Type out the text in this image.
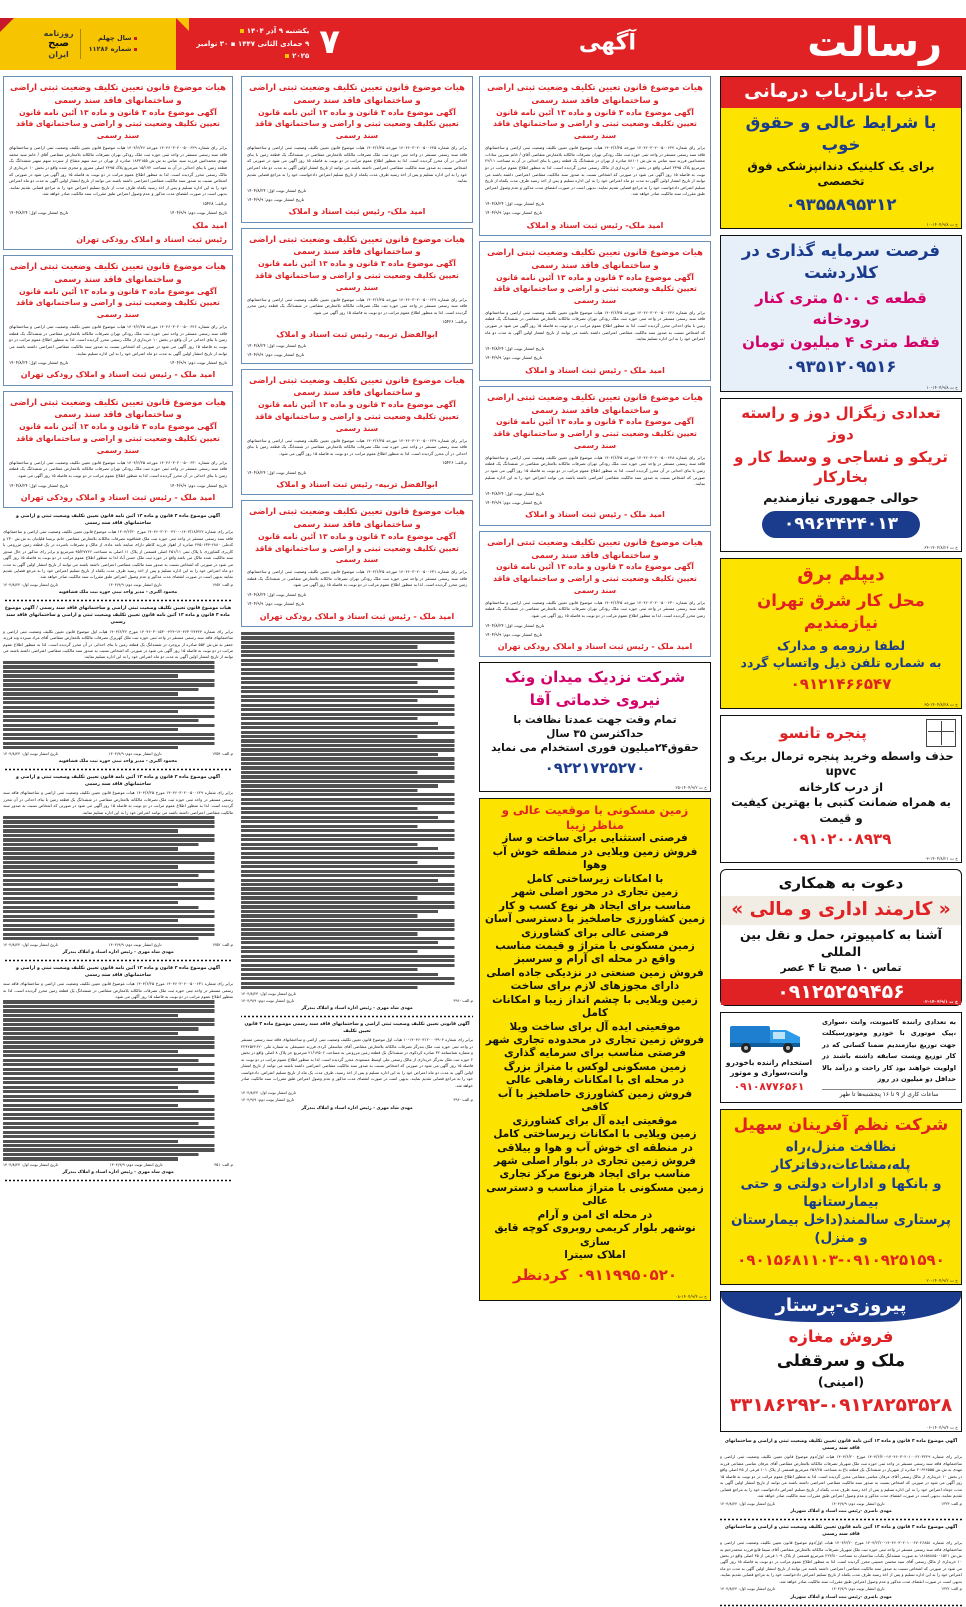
رسالت
آگهی
۷
یکشنبه ۹ آذر ۱۴۰۴
۹ جمادی الثانی ۱۴۴۷ ▪ ۳۰ نوامبر ۲۰۲۵
سال چهلم
شماره ۱۱۲۸۶
روزنامه
صبح
ایران
جذب بازاریاب درمانی
با شرایط عالی و حقوق خوب
برای یک کلینیک دندانپزشکی فوق تخصصی
۰۹۳۵۵۸۹۵۳۱۲
خ ت ۱۴۰۴/۹/۸-۱۰
فرصت سرمایه گذاری در کلاردشت
قطعه ی ۵۰۰ متری کنار رودخانه
فقط متری ۴ میلیون تومان
۰۹۳۵۱۲۰۹۵۱۶
خ ت ۱۴۰۴/۹/۸-۱۰
تعدادی زیگزال دوز و راسته دوز
تریکو و نساجی و وسط کار و بخارکار
حوالی جمهوری نیازمندیم
۰۹۹۶۳۴۲۴۰۱۳
خ ت ۱۴۰۴/۸/۲۶-۶۴
دیپلم برق
محل کار شرق تهران نیازمندیم
لطفا رزومه و مدارک
به شماره تلفن ذیل واتساپ گردد
۰۹۱۲۱۴۶۶۵۴۷
خ ت ۱۴۰۴/۸/۲۸-۶۵
پنجره تانسو
حذف واسطه وخرید پنجره ترمال بریک و upvc
از درب کارخانه
به همراه ضمانت کتبی با بهترین کیفیت و قیمت
۰۹۱۰۲۰۰۸۹۳۹
خ ت ۱۴۰۴/۸/۲۱-۰۳
دعوت به همکاری
« کارمند اداری و مالی »
آشنا به کامپیوتر، حمل و نقل بین المللی
تماس ۱۰ صبح تا ۴ عصر
۰۹۱۲۵۲۵۹۴۵۶	خ ت ۱۴۰۴/۹/۱-۰۲
به تعدادی راننده کامیونت، وانت ،سواری ،پیک موتوری با خودرو وموتورسیکلت جهت توزیع نیازمندیم ضمنا کسانی که در کار توزیع ویست سابقه داشته باشند در اولویت خواهند بود کار راحت و درآمد بالا حداقل دو میلیون در روز
ساعات کاری از ۹ تا ۱۶ پنجشنبه‌ها تا ظهر
استخدام راننده باخودرو وانت،سواری و موتور
۰۹۱۰۸۷۷۶۵۶۱
شرکت نظم آفرینان سهیل
نظافت منزل،راه پله،مشاعات،دفاترکار
و بانکها و ادارات دولتی و حتی بیمارستانها
پرستاری سالمند(داخل بیمارستان و منزل)
۰۹۰۱۵۶۸۱۱۰۳-۰۹۱۰۹۲۵۱۵۹۰
خ ت ۱۴۰۴/۹/۲-۲۰
پیروزی-پرستار
فروش مغازه
ملک و سرقفلی
(امینی)
۳۳۱۸۶۲۹۲-۰۹۱۲۸۲۵۳۵۲۸
خ ت ۱۴۰۴/۹/۴-۰۶
آگهی موضوع ماده ۳ قانون و ماده ۱۳ آئین نامه قانون تعیین تکلیف وضعیت ثبتی و اراضی و ساختمانهای فاقد سند رسمی
برابر رای شماره ۱۴۰۴۶۰۳۰۲۰۱۰۰۶۲۰۳۲۲۹-۱۴۰۴/۶/۲۰ مورخ ۱۴۰۴/۶/۲۰ هیات اول/دوم موضوع قانون تعیین تکلیف وضعیت ثبتی اراضی و ساختمانهای فاقد سند رسمی مستقر در واحد ثبتی حوزه ثبت ملک شهریار تصرفات مالکانه بلامعارض متقاضی آقای عرفان عباسی مشاعی فرزند مهدی به ش.ش ۲۰۶۴۶۵۵۵ صادره از شهریار در ششدانگ یک قطعه باغ به مساحت ۶۵۶/۶۵ مترمربع قسمتی از پلاک ۱۰۱ فرعی از ۴۵ اصلی واقع در بخش ۱۰ خریداری از مالک رسمی آقای عرفان عباسی مشاعی محرز گردیده است. لذا به منظور اطلاع عموم مراتب در دو نوبت به فاصله ۱۵ روز آگهی می شود در صورتی که اشخاص نسبت به صدور سند مالکیت متقاضی اعتراضی داشته باشند می توانند از تاریخ انتشار اولین آگهی به مدت دوماه اعتراض خود را به این اداره تسلیم و پس از اخذ رسید ظرف مدت یکماه از تاریخ تسلیم اعتراض دادخواست خود را به مراجع قضایی تقدیم نمایند. بدیهی است در صورت انقضای مدت مذکور و عدم وصول اعتراض طبق مقررات سند مالکیت صادر خواهد شد.
م.الف: ۱۳۲۳
تاریخ انتشار نوبت دوم: ۱۴۰۴/۹/۹
تاریخ انتشار نوبت اول: ۱۴۰۴/۸/۲۴
مهدی ناصری -رئیس ثبت اسناد و املاک شهریار
آگهی موضوع ماده ۳ قانون و ماده ۱۳ آئین نامه قانون تعیین تکلیف وضعیت ثبتی و اراضی و ساختمانهای فاقد سند رسمی
برابر رای شماره ۱۴۰۴۶۰۳۰۲۰۱۰۰۶۷۰۲۶۸۵۱-۱۴۰۴/۶/۲۰ مورخ ۱۴۰۴/۶/۲۰ هیات اول/دوم موضوع قانون تعیین تکلیف وضعیت ثبتی اراضی و ساختمانهای فاقد سند رسمی مستقر در واحد ثبتی حوزه ثبت ملک شهریار تصرفات مالکانه بلامعارض متقاضی آقای سیما قانع فرزند محمدرحیم به ش.ش ۱۸۱۵۸۸۸۵۰۰۱۵۲۱ به صورت ششدانگ یکباب ساختمان به مساحت ۲۲۴/۸۰ مترمربع قسمتی از پلاک ۱۰۹ فرعی از ۴۵ اصلی واقع در بخش ۱۰ خریداری از مالک رسمی آقای سید محسن حسینی محرز گردیده است. لذا به منظور اطلاع عموم مراتب در دو نوبت به فاصله ۱۵ روز آگهی می شود در صورتی که اشخاص نسبت به صدور سند مالکیت متقاضی اعتراضی داشته باشند می توانند از تاریخ انتشار اولین آگهی به مدت دو ماه اعتراض خود را به این اداره تسلیم و پس از اخذ رسید ظرف مدت یکماه از تاریخ تسلیم اعتراض دادخواست خود را به مراجع قضایی تقدیم نمایند. بدیهی است در صورت انقضای مدت مذکور و عدم وصول اعتراض طبق مقررات سند مالکیت صادر خواهد شد.
م.الف: ۱۳۲۲
تاریخ انتشار نوبت دوم: ۱۴۰۴/۹/۹
تاریخ انتشار نوبت اول: ۱۴۰۴/۸/۲۴
مهدی ناصری -رئیس ثبت اسناد و املاک شهریار
هیات موضوع قانون تعیین تکلیف وضعیت ثبتی اراضی و ساختمانهای فاقد سند رسمی
آگهی موضوع ماده ۳ قانون و ماده ۱۳ آئین نامه قانون تعیین تکلیف وضعیت ثبتی و اراضی و ساختمانهای فاقد سند رسمی
برابر رای شماره ۱۴۰۴۶۰۳۰۲۰۰۵۰۰۶۲۴ مورخه ۱۴۰۴/۶/۲۵ هیات موضوع قانون تعیین تکلیف وضعیت ثبتی اراضی و ساختمانهای فاقد سند رسمی مستقر در واحد ثبتی حوزه ثبت ملک رودکی تهران تصرفات مالکانه بلامعارض متقاضی آقای / خانم نسرین سادات محمدامین فرزند سید عباس به ش.ش ۸۸۱۰۱ صادره از تهران در ششدانگ یک قطعه زمین با بنای احداثی در آن به مساحت ۲۲/۱۱ مترمربع پلاک ۲۳۹۵ اصلی واقع در بخش ۱۰ خریداری از مالک رسمی محرز گردیده است. لذا به منظور اطلاع عموم مراتب در دو نوبت به فاصله ۱۵ روز آگهی می شود در صورتی که اشخاص نسبت به صدور سند مالکیت متقاضی اعتراضی داشته باشند می توانند از تاریخ انتشار اولین آگهی به مدت دو ماه اعتراض خود را به این اداره تسلیم و پس از اخذ رسید ظرف مدت یکماه از تاریخ تسلیم اعتراض دادخواست خود را به مراجع قضایی تقدیم نمایند. بدیهی است در صورت انقضای مدت مذکور و عدم وصول اعتراض طبق مقررات سند مالکیت صادر خواهد شد.
تاریخ انتشار نوبت اول: ۱۴۰۴/۸/۲۴
تاریخ انتشار نوبت دوم: ۱۴۰۴/۹/۹
امید ملک- رئیس ثبت اسناد و املاک
هیات موضوع قانون تعیین تکلیف وضعیت ثبتی اراضی و ساختمانهای فاقد سند رسمی
آگهی موضوع ماده ۳ قانون و ماده ۱۳ آئین نامه قانون تعیین تکلیف وضعیت ثبتی و اراضی و ساختمانهای فاقد سند رسمی
برابر رای شماره ۱۴۰۴۶۰۳۰۲۰۰۵۰۰۶۲۶ مورخه ۱۴۰۴/۶/۲۵ هیات موضوع قانون تعیین تکلیف وضعیت ثبتی اراضی و ساختمانهای فاقد سند رسمی مستقر در واحد ثبتی حوزه ثبت ملک رودکی تهران تصرفات مالکانه بلامعارض متقاضی در ششدانگ یک قطعه زمین با بنای احداثی محرز گردیده است. لذا به منظور اطلاع عموم مراتب در دو نوبت به فاصله ۱۵ روز آگهی می شود در صورتی که اشخاص نسبت به صدور سند مالکیت متقاضی اعتراضی داشته باشند می توانند از تاریخ انتشار اولین آگهی به مدت دو ماه اعتراض خود را به این اداره تسلیم نمایند.
تاریخ انتشار نوبت اول: ۱۴۰۴/۸/۲۴
تاریخ انتشار نوبت دوم: ۱۴۰۴/۹/۹
امید ملک - رئیس ثبت اسناد و املاک
هیات موضوع قانون تعیین تکلیف وضعیت ثبتی اراضی و ساختمانهای فاقد سند رسمی
آگهی موضوع ماده ۳ قانون و ماده ۱۳ آئین نامه قانون تعیین تکلیف وضعیت ثبتی و اراضی و ساختمانهای فاقد سند رسمی
برابر رای شماره ۱۴۰۴۶۰۳۰۲۰۰۵۰۰۶۲۸ مورخه ۱۴۰۴/۶/۲۵ هیات موضوع قانون تعیین تکلیف وضعیت ثبتی اراضی و ساختمانهای فاقد سند رسمی مستقر در واحد ثبتی حوزه ثبت ملک رودکی تهران تصرفات مالکانه بلامعارض متقاضی در ششدانگ یک قطعه زمین با بنای احداثی در آن محرز گردیده است. لذا به منظور اطلاع عموم مراتب در دو نوبت به فاصله ۱۵ روز آگهی می شود در صورتی که اشخاص نسبت به صدور سند مالکیت متقاضی اعتراضی داشته باشند می توانند اعتراض خود را به این اداره تسلیم نمایند.
تاریخ انتشار نوبت اول: ۱۴۰۴/۸/۲۴
تاریخ انتشار نوبت دوم: ۱۴۰۴/۹/۹
امید ملک - رئیس ثبت اسناد و املاک
هیات موضوع قانون تعیین تکلیف وضعیت ثبتی اراضی و ساختمانهای فاقد سند رسمی
آگهی موضوع ماده ۳ قانون و ماده ۱۳ آئین نامه قانون تعیین تکلیف وضعیت ثبتی و اراضی و ساختمانهای فاقد سند رسمی
برابر رای شماره ۱۴۰۴۶۰۳۰۲۰۰۵۰۰۶۳۰ مورخه ۱۴۰۴/۶/۲۵ هیات موضوع قانون تعیین تکلیف وضعیت ثبتی اراضی و ساختمانهای فاقد سند رسمی مستقر در واحد ثبتی حوزه ثبت ملک رودکی تهران تصرفات مالکانه بلامعارض متقاضی در ششدانگ یک قطعه زمین محرز گردیده است. لذا به منظور اطلاع عموم مراتب در دو نوبت به فاصله ۱۵ روز آگهی می شود.
تاریخ انتشار نوبت اول: ۱۴۰۴/۸/۲۴
تاریخ انتشار نوبت دوم: ۱۴۰۴/۹/۹
امید ملک - رئیس ثبت اسناد و املاک رودکی تهران
شرکت نزدیک میدان ونک
نیروی خدماتی آقا
تمام وقت جهت عمدتا نظافت با حداکثرسن ۳۵ سال
حقوق۲۴میلیون فوری استخدام می نماید
۰۹۲۲۱۷۲۵۲۷۰
خ ت ۱۴۰۴/۹/۲-۲۵
زمین مسکونی با موقعیت عالی و مناظر زیبا
فرصتی استثنایی برای ساخت و ساز
فروش زمین ویلایی در منطقه خوش آب وهوا
با امکانات زیرساختی کامل
زمین تجاری در محور اصلی شهر
مناسب برای ایجاد هر نوع کسب و کار
زمین کشاورزی حاصلخیز با دسترسی آسان
فرصتی عالی برای کشاورزی
زمین مسکونی با متراژ و قیمت مناسب
واقع در محله ای آرام و سرسبز
فروش زمین صنعتی در نزدیکی جاده اصلی
دارای مجوزهای لازم برای ساخت
زمین ویلایی با چشم انداز زیبا و امکانات کامل
موقعیتی ایده آل برای ساخت ویلا
فروش زمین تجاری در محدوده تجاری شهر
فرصتی مناسب برای سرمایه گذاری
زمین مسکونی لوکس با متراژ بزرگ
در محله ای با امکانات رفاهی عالی
فروش زمین کشاورزی حاصلخیز با آب کافی
موقعیتی ایده آل برای کشاورزی
زمین ویلایی با امکانات زیرساختی کامل
در منطقه ای خوش آب و هوا و ییلاقی
فروش زمین تجاری در بلوار اصلی شهر
مناسب برای ایجاد هرنوع مرکز تجاری
زمین مسکونی با متراژ مناسب و دسترسی عالی
در محله ای امن و آرام
نوشهر بلوار کریمی روبروی کوچه قایق سازی
املاک سیترا
۰۹۱۱۹۹۵۰۵۲۰
کردنظر
خ ت ۱۴۰۴/۹/۴-۰۸
هیات موضوع قانون تعیین تکلیف وضعیت ثبتی اراضی و ساختمانهای فاقد سند رسمی
آگهی موضوع ماده ۳ قانون و ماده ۱۳ آئین نامه قانون تعیین تکلیف وضعیت ثبتی و اراضی و ساختمانهای فاقد سند رسمی
برابر رای شماره ۱۴۰۴۶۰۳۰۲۰۰۵۰۰۶۲۵ مورخه ۱۴۰۴/۶/۲۵ هیات موضوع قانون تعیین تکلیف وضعیت ثبتی اراضی و ساختمانهای فاقد سند رسمی مستقر در واحد ثبتی حوزه ثبت ملک تصرفات مالکانه بلامعارض متقاضی در ششدانگ یک قطعه زمین با بنای احداثی در آن محرز گردیده است. لذا به منظور اطلاع عموم مراتب در دو نوبت به فاصله ۱۵ روز آگهی می شود در صورتی که اشخاص نسبت به صدور سند مالکیت متقاضی اعتراضی داشته باشند می توانند از تاریخ انتشار اولین آگهی به مدت دو ماه اعتراض خود را به این اداره تسلیم و پس از اخذ رسید ظرف مدت یکماه از تاریخ تسلیم اعتراض دادخواست خود را به مراجع قضایی تقدیم نمایند.
تاریخ انتشار نوبت اول: ۱۴۰۴/۸/۲۴
تاریخ انتشار نوبت دوم: ۱۴۰۴/۹/۹
امید ملک- رئیس ثبت اسناد و املاک
هیات موضوع قانون تعیین تکلیف وضعیت ثبتی اراضی و ساختمانهای فاقد سند رسمی
آگهی موضوع ماده ۳ قانون و ماده ۱۳ آئین نامه قانون تعیین تکلیف وضعیت ثبتی و اراضی و ساختمانهای فاقد سند رسمی
برابر رای شماره ۱۴۰۴۶۰۳۰۲۰۰۵۰۰۶۲۷ مورخه ۱۴۰۴/۶/۲۵ هیات موضوع قانون تعیین تکلیف وضعیت ثبتی اراضی و ساختمانهای فاقد سند رسمی مستقر در واحد ثبتی حوزه ثبت ملک تصرفات مالکانه بلامعارض متقاضی در ششدانگ یک قطعه زمین محرز گردیده است. لذا به منظور اطلاع عموم مراتب در دو نوبت به فاصله ۱۵ روز آگهی می شود.
م.الف: ۱۵۴۲۶
ابوالفضل تربیه- رئیس ثبت اسناد و املاک
تاریخ انتشار نوبت اول: ۱۴۰۴/۸/۲۴
تاریخ انتشار نوبت دوم: ۱۴۰۴/۹/۹
هیات موضوع قانون تعیین تکلیف وضعیت ثبتی اراضی و ساختمانهای فاقد سند رسمی
آگهی موضوع ماده ۳ قانون و ماده ۱۳ آئین نامه قانون تعیین تکلیف وضعیت ثبتی و اراضی و ساختمانهای فاقد سند رسمی
برابر رای شماره ۱۴۰۴۶۰۳۰۲۰۰۵۰۰۶۲۹ مورخه ۱۴۰۴/۶/۲۵ هیات موضوع قانون تعیین تکلیف وضعیت ثبتی اراضی و ساختمانهای فاقد سند رسمی مستقر در واحد ثبتی حوزه ثبت ملک تصرفات مالکانه بلامعارض متقاضی در ششدانگ یک قطعه زمین با بنای احداثی در آن محرز گردیده است. لذا به منظور اطلاع عموم مراتب در دو نوبت به فاصله ۱۵ روز آگهی می شود.
م.الف: ۱۵۴۲۶
تاریخ انتشار نوبت اول: ۱۴۰۴/۸/۲۴
ابوالفضل تربیه- رئیس ثبت اسناد و املاک
هیات موضوع قانون تعیین تکلیف وضعیت ثبتی اراضی و ساختمانهای فاقد سند رسمی
آگهی موضوع ماده ۳ قانون و ماده ۱۳ آئین نامه قانون تعیین تکلیف وضعیت ثبتی و اراضی و ساختمانهای فاقد سند رسمی
برابر رای شماره ۱۴۰۴۶۰۳۰۲۰۰۵۰۰۶۳۱ مورخه ۱۴۰۴/۶/۲۵ هیات موضوع قانون تعیین تکلیف وضعیت ثبتی اراضی و ساختمانهای فاقد سند رسمی مستقر در واحد ثبتی حوزه ثبت ملک رودکی تهران تصرفات مالکانه بلامعارض متقاضی در ششدانگ یک قطعه زمین محرز گردیده است. لذا به منظور اطلاع عموم مراتب در دو نوبت به فاصله ۱۵ روز آگهی می شود.
تاریخ انتشار نوبت اول: ۱۴۰۴/۸/۲۴
تاریخ انتشار نوبت دوم: ۱۴۰۴/۹/۹
امید ملک - رئیس ثبت اسناد و املاک رودکی تهران
تاریخ انتشار نوبت اول: ۱۴۰۴/۸/۲۴
م.الف:۳۹۶۰
تاریخ انتشار نوبت دوم: ۱۴۰۴/۹/۹
مهدی شاه مهری - رئیس اداره اسناد و املاک بندرگز
آگهی قانونی تعیین تکلیف وضعیت ثبتی اراضی و ساختمانهای فاقد سند رسمی موضوع ماده ۳ قانون تعیین تکلیف
برابر رای شماره ۱۴۰۴۶۰۳۱۲۰۰۰۳۹۰۴-۱۰ هیات اول موضوع قانون تعیین تکلیف وضعیت ثبتی اراضی و ساختمانهای فاقد سند رسمی مستقر در واحد ثبتی حوزه ثبت ملک بندرگز تصرفات مالکانه بلامعارض متقاضی آقای عباسعلی کردی فرزند حسینعلی به شماره ملی ۲۲۴۲۵۲۲۶۲۰ و شماره شناسنامه ۳۲ صادره کردکوی در ششدانگ یک قطعه زمین مزروعی به مساحت ۲۱/۱۴۵۰۶ مترمربع جز پلاک ۸ اصلی واقع در بخش ۲ حوزه ثبت ملک بندرگز خریداری از مالک رسمی علی اوسط مسعودی محرز گردیده است. لذا به منظور اطلاع عموم مراتب در دو نوبت به فاصله ۱۵ روز آگهی می شود در صورتی که اشخاص نسبت به صدور سند مالکیت متقاضی اعتراضی داشته باشند می توانند از تاریخ انتشار اولین آگهی به مدت دو ماه اعتراض خود را به این اداره تسلیم و پس از اخذ رسید، ظرف مدت یک ماه از تاریخ تسلیم اعتراض، دادخواست خود را به مراجع قضایی تقدیم نمایند. بدیهی است در صورت انقضای مدت مذکور و عدم وصول اعتراض طبق مقررات سند مالکیت صادر خواهد شد.
تاریخ انتشار نوبت اول: ۱۴۰۴/۸/۲۴
م.الف:۳۹۶۰
تاریخ انتشار نوبت دوم: ۱۴۰۴/۹/۹
مهدی شاه مهری - رئیس اداره اسناد و املاک بندرگز
هیات موضوع قانون تعیین تکلیف وضعیت ثبتی اراضی و ساختمانهای فاقد سند رسمی
آگهی موضوع ماده ۳ قانون و ماده ۱۳ آئین نامه قانون تعیین تکلیف وضعیت ثبتی و اراضی و ساختمانهای فاقد سند رسمی
برابر رای شماره ۱۴۰۴۶۰۳۰۲۰۰۵۰۰۶۲۹ مورخه ۱۴۰۴/۶/۲۶ هیات موضوع قانون تعیین تکلیف وضعیت ثبتی اراضی و ساختمانهای فاقد سند رسمی مستقر در واحد ثبتی حوزه ثبت ملک رودکی تهران تصرفات مالکانه بلامعارض متقاضی آقای / خانم سید محمد مهدی محمدامین فرزند سید عباس به ش.ش ۱۸۳۲۱۵۵ صادره از تهران در سه سهم مشاع از سیزده سهم سهیر ششدانگ یک قطعه زمین با بنای احداثی در آن به مساحت ۱۵/۱۷۲ مترمربع پلاک ۲۴۹۵ اصلی مفروز و مجزی شده واقع در بخش ۱۰ خریداری از مالک رسمی محرز گردیده است. لذا به منظور اطلاع عموم مراتب در دو نوبت به فاصله ۱۵ روز آگهی می شود در صورتی که اشخاص نسبت به صدور سند مالکیت متقاضی اعتراضی داشته باشند می توانند از تاریخ انتشار اولین آگهی به مدت دو ماه اعتراض خود را به این اداره تسلیم و پس از اخذ رسید یکماه ظرف مدت از تاریخ تسلیم اعتراض خود را به مراجع قضایی تقدیم نمایند. بدیهی است در صورت انقضای مدت مذکور و عدم وصول اعتراض طبق مقررات سند مالکیت صادر خواهد شد.
م.الف: ۱۵۴۲۸
تاریخ انتشار نوبت دوم: ۱۴۰۴/۹/۹
تاریخ انتشار نوبت اول: ۱۴۰۴/۸/۲۴
امید ملک
رئیس ثبت اسناد و املاک رودکی تهران
هیات موضوع قانون تعیین تکلیف وضعیت ثبتی اراضی و ساختمانهای فاقد سند رسمی
آگهی موضوع ماده ۳ قانون و ماده ۱۳ آئین نامه قانون تعیین تکلیف وضعیت ثبتی و اراضی و ساختمانهای فاقد سند رسمی
برابر رای شماره ۱۴۰۴۶۰۳۰۲۰۰۵۰۰۶۲۶ مورخه ۱۴۰۴/۶/۲۵ هیات موضوع قانون تعیین تکلیف وضعیت ثبتی اراضی و ساختمانهای فاقد سند رسمی مستقر در واحد ثبتی حوزه ثبت ملک رودکی تهران تصرفات مالکانه بلامعارض متقاضی در ششدانگ یک قطعه زمین با بنای احداثی در آن واقع در بخش ۱۰ خریداری از مالک رسمی محرز گردیده است. لذا به منظور اطلاع عموم مراتب در دو نوبت به فاصله ۱۵ روز آگهی می شود در صورتی که اشخاص نسبت به صدور سند مالکیت متقاضی اعتراضی داشته باشند می توانند از تاریخ انتشار اولین آگهی به مدت دو ماه اعتراض خود را به این اداره تسلیم نمایند.
تاریخ انتشار نوبت دوم: ۱۴۰۴/۹/۹
تاریخ انتشار نوبت اول: ۱۴۰۴/۸/۲۴
امید ملک - رئیس ثبت اسناد و املاک رودکی تهران
هیات موضوع قانون تعیین تکلیف وضعیت ثبتی اراضی و ساختمانهای فاقد سند رسمی
آگهی موضوع ماده ۳ قانون و ماده ۱۳ آئین نامه قانون تعیین تکلیف وضعیت ثبتی و اراضی و ساختمانهای فاقد سند رسمی
برابر رای شماره ۱۴۰۴۶۰۳۰۲۰۰۵۰۰۶۳۰ مورخه ۱۴۰۴/۶/۲۵ هیات موضوع قانون تعیین تکلیف وضعیت ثبتی اراضی و ساختمانهای فاقد سند رسمی مستقر در واحد ثبتی حوزه ثبت ملک رودکی تهران تصرفات مالکانه بلامعارض متقاضی در ششدانگ یک قطعه زمین با بنای احداثی در آن محرز گردیده است. لذا به منظور اطلاع عموم مراتب در دو نوبت به فاصله ۱۵ روز آگهی می شود.
تاریخ انتشار نوبت دوم: ۱۴۰۴/۹/۹
تاریخ انتشار نوبت اول: ۱۴۰۴/۸/۲۴
امید ملک - رئیس ثبت اسناد و املاک رودکی تهران
آگهی موضوع ماده ۳ قانون و ماده ۱۳ آئین نامه قانون تعیین تکلیف وضعیت ثبتی و اراضی و ساختمانهای فاقد سند رسمی
برابر رای شماره ۱۴۰۳/۱۸/۴۲۲-۱۴۰۴۶۰۳۰۲۰۰۴۲۰۰ مورخ ۱۴۰۴/۶/۳۰ هیات موضوع قانون تعیین تکلیف وضعیت ثبتی اراضی و ساختمانهای فاقد سند رسمی مستقر در واحد ثبتی حوزه ثبت ملک قشاقویه تصرفات مالکانه بلامعارض متقاضی خانم بریسا قلیانیان به ش.ش ۲۳۰ و کدملی ۶۸۸۰-۲۴۵۰۶۳۴ صادره از اهواز فرزند کاظم دارای مبایعه نامه عادی از مالک و تصرفات نامبرده در یک قطعه زمین مزروعی با کاربری کشاورزی با پلاک ثبتی ۲۵۱/۱۱ اصلی قسمتی از پلاک ۱۱ اصلی به مساحت ۴۵/۲۷۷۲۶ مترمربع و برابر رای مذکور در حال صدور سند مالکیت شده مالک می باشد واقع در حوزه ثبت ملک حسن آباد لذا به منظور اطلاع عموم مراتب در دو نوبت به فاصله ۱۵ روز آگهی می شود در صورتی که اشخاص نسبت به صدور سند مالکیت متقاضی اعتراضی داشته باشند می توانند از تاریخ انتشار اولین آگهی به مدت دو ماه اعتراض خود را به این اداره تسلیم و پس از اخذ رسید ظرف مدت یکماه از تاریخ تسلیم اعتراض خود را به مرجع قضایی تقدیم نمایند بدیهی است در صورت انقضای مدت مذکور و عدم وصول اعتراض طبق مقررات سند مالکیت صادر خواهد شد.
م.الف: ۱۴۵۲
تاریخ انتشار نوبت دوم: ۱۴۰۴/۹/۹
تاریخ انتشار نوبت اول: ۱۴۰۴/۸/۲۴
محمود اکبری - مدیر واحد ثبتی حوزه ثبت ملک قشاقویه
هیات موضوع قانون تعیین تکلیف وضعیت ثبتی اراضی و ساختمانهای فاقد سند رسمی / آگهی موضوع ماده ۳ قانون و ماده ۱۳ آئین نامه قانون تعیین تکلیف وضعیت ثبتی و اراضی و ساختمانهای فاقد سند رسمی
برابر رای شماره ۱۴۰۴۶۳۰۲۴۴۲۴-۱۴۰۴۶۰۳۰۱۵۳۰۰۴۲۴ مورخ ۱۴۰۴/۶/۲۲ هیات اول موضوع قانون تعیین تکلیف وضعیت ثبتی اراضی و ساختمانهای فاقد سند رسمی مستقر در واحد ثبتی حوزه ثبت ملک کهریزک تصرفات مالکانه بلامعارض متقاضی آقای مراد سیزده وند فرزند جعفر به ش.ش ۵۵۴ صادره از بروجرد در ششدانگ یک قطعه زمین با بنای احداثی در آن محرز گردیده است. لذا به منظور اطلاع عموم مراتب در دو نوبت به فاصله ۱۵ روز آگهی می شود در صورتی که اشخاص نسبت به صدور سند مالکیت متقاضی اعتراضی داشته باشند می توانند از تاریخ انتشار اولین آگهی به مدت دو ماه اعتراض خود را به این اداره تسلیم نمایند.
م.الف: ۱۳۵۴
تاریخ انتشار نوبت دوم: ۱۴۰۴/۹/۹
تاریخ انتشار نوبت اول: ۱۴۰۴/۸/۲۴
محمود اکبری - مدیر واحد ثبتی حوزه ثبت ملک قشاقویه
آگهی موضوع ماده ۳ قانون و ماده ۱۳ آئین نامه قانون تعیین تکلیف وضعیت ثبتی و اراضی و ساختمانهای فاقد سند رسمی
برابر رای شماره ۱۴۰۴۶۰۳۰۲۰۰۵۰۰۶۲۹ مورخ ۱۴۰۴/۶/۲۵ هیات موضوع قانون تعیین تکلیف وضعیت ثبتی اراضی و ساختمانهای فاقد سند رسمی مستقر در واحد ثبتی حوزه ثبت ملک تصرفات مالکانه بلامعارض متقاضی در ششدانگ یک قطعه زمین با بنای احداثی در آن محرز گردیده است. لذا به منظور اطلاع عموم مراتب در دو نوبت به فاصله ۱۵ روز آگهی می شود در صورتی که اشخاص نسبت به صدور سند مالکیت متقاضی اعتراضی داشته باشند می توانند اعتراض خود را به این اداره تسلیم نمایند.
م.الف: ۱۳۵۲
تاریخ انتشار نوبت دوم: ۱۴۰۴/۹/۹
تاریخ انتشار نوبت اول: ۱۴۰۴/۸/۲۴
مهدی شاه مهری - رئیس اداره اسناد و املاک بندرگز
آگهی موضوع ماده ۳ قانون و ماده ۱۳ آئین نامه قانون تعیین تکلیف وضعیت ثبتی و اراضی و ساختمانهای فاقد سند رسمی
برابر رای شماره ۱۴۰۴۶۰۳۰۲۰۰۵۰۰۶۳۱ مورخ ۱۴۰۴/۶/۲۵ هیات موضوع قانون تعیین تکلیف وضعیت ثبتی اراضی و ساختمانهای فاقد سند رسمی مستقر در واحد ثبتی حوزه ثبت ملک تصرفات مالکانه بلامعارض متقاضی در ششدانگ یک قطعه زمین محرز گردیده است. لذا به منظور اطلاع عموم مراتب در دو نوبت به فاصله ۱۵ روز آگهی می شود.
م.الف: ۳۵۱
تاریخ انتشار نوبت دوم: ۱۴۰۴/۹/۹
تاریخ انتشار نوبت اول: ۱۴۰۴/۸/۲۴
مهدی شاه مهری - رئیس اداره اسناد و املاک بندرگز
